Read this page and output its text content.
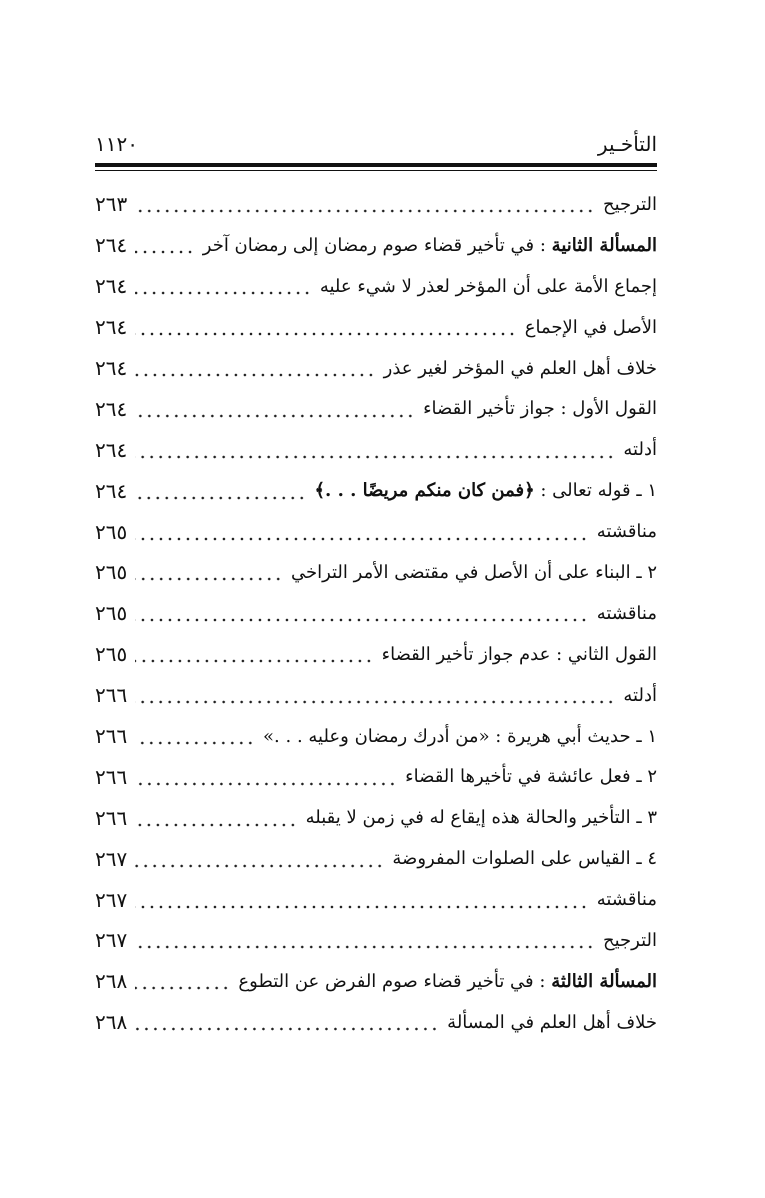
١١٢٠	التأخـير
الترجيح
٢٦٣
المسألة الثانية : في تأخير قضاء صوم رمضان إلى رمضان آخر
٢٦٤
إجماع الأمة على أن المؤخر لعذر لا شيء عليه
٢٦٤
الأصل في الإجماع
٢٦٤
خلاف أهل العلم في المؤخر لغير عذر
٢٦٤
القول الأول : جواز تأخير القضاء
٢٦٤
أدلته
٢٦٤
١ ـ قوله تعالى : ﴿فمن كان منكم مريضًا . . .﴾
٢٦٤
مناقشته
٢٦٥
٢ ـ البناء على أن الأصل في مقتضى الأمر التراخي
٢٦٥
مناقشته
٢٦٥
القول الثاني : عدم جواز تأخير القضاء
٢٦٥
أدلته
٢٦٦
١ ـ حديث أبي هريرة : «من أدرك رمضان وعليه . . .»
٢٦٦
٢ ـ فعل عائشة في تأخيرها القضاء
٢٦٦
٣ ـ التأخير والحالة هذه إيقاع له في زمن لا يقبله
٢٦٦
٤ ـ القياس على الصلوات المفروضة
٢٦٧
مناقشته
٢٦٧
الترجيح
٢٦٧
المسألة الثالثة : في تأخير قضاء صوم الفرض عن التطوع
٢٦٨
خلاف أهل العلم في المسألة
٢٦٨
